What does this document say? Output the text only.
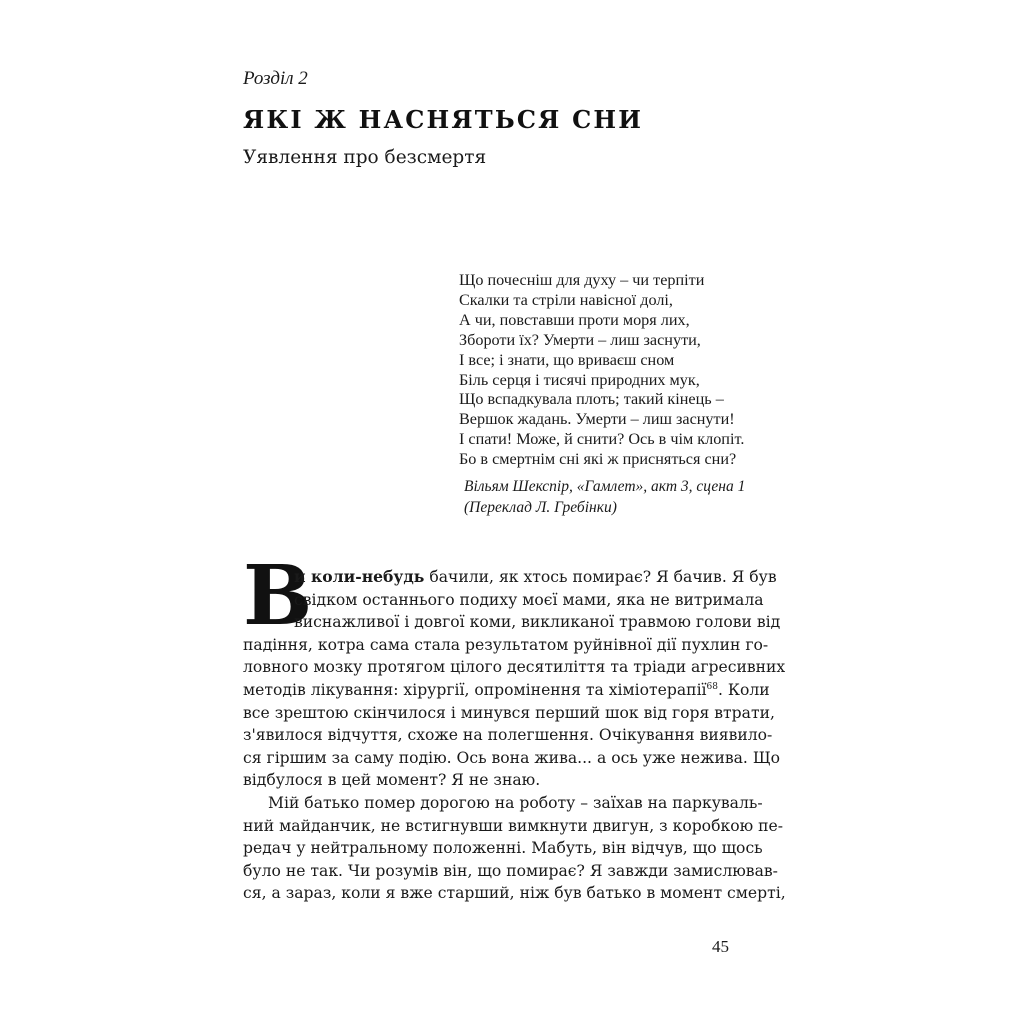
Розділ 2
ЯКІ Ж НАСНЯТЬСЯ СНИ
Уявлення про безсмертя
Що почесніш для духу – чи терпіти
Скалки та стріли навісної долі,
А чи, повставши проти моря лих,
Збороти їх? Умерти – лиш заснути,
І все; і знати, що вриваєш сном
Біль серця і тисячі природних мук,
Що вспадкувала плоть; такий кінець –
Вершок жадань. Умерти – лиш заснути!
І спати! Може, й снити? Ось в чім клопіт.
Бо в смертнім сні які ж присняться сни?
Вільям Шекспір, «Гамлет», акт 3, сцена 1
(Переклад Л. Гребінки)
В
и коли-небудь бачили, як хтось помирає? Я бачив. Я був
свідком останнього подиху моєї мами, яка не витримала
виснажливої і довгої коми, викликаної травмою голови від
падіння, котра сама стала результатом руйнівної дії пухлин го-
ловного мозку протягом цілого десятиліття та тріади агресивних
методів лікування: хірургії, опромінення та хіміотерапії$^{68}$. Коли
все зрештою скінчилося і минувся перший шок від горя втрати,
з'явилося відчуття, схоже на полегшення. Очікування виявило-
ся гіршим за саму подію. Ось вона жива... а ось уже нежива. Що
відбулося в цей момент? Я не знаю.
Мій батько помер дорогою на роботу – заїхав на паркуваль-
ний майданчик, не встигнувши вимкнути двигун, з коробкою пе-
редач у нейтральному положенні. Мабуть, він відчув, що щось
було не так. Чи розумів він, що помирає? Я завжди замислював-
ся, а зараз, коли я вже старший, ніж був батько в момент смерті,
45
